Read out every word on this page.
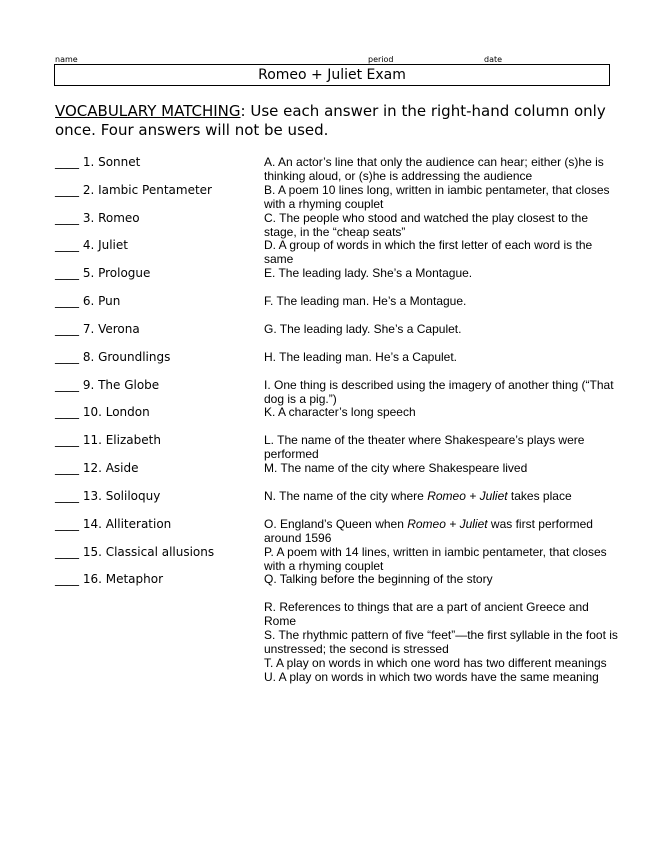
name	period	date
Romeo + Juliet Exam
VOCABULARY MATCHING: Use each answer in the right-hand column only once. Four answers will not be used.
____ 1. Sonnet
____ 2. Iambic Pentameter
____ 3. Romeo
____ 4. Juliet
____ 5. Prologue
____ 6. Pun
____ 7. Verona
____ 8. Groundlings
____ 9. The Globe
____ 10. London
____ 11. Elizabeth
____ 12. Aside
____ 13. Soliloquy
____ 14. Alliteration
____ 15. Classical allusions
____ 16. Metaphor
A. An actor’s line that only the audience can hear; either (s)he is thinking aloud, or (s)he is addressing the audience
B. A poem 10 lines long, written in iambic pentameter, that closes with a rhyming couplet
C. The people who stood and watched the play closest to the stage, in the “cheap seats”
D. A group of words in which the first letter of each word is the same
E. The leading lady. She’s a Montague.
F. The leading man. He’s a Montague.
G. The leading lady. She’s a Capulet.
H. The leading man. He’s a Capulet.
I. One thing is described using the imagery of another thing (“That dog is a pig.”)
K. A character’s long speech
L. The name of the theater where Shakespeare’s plays were performed
M. The name of the city where Shakespeare lived
N. The name of the city where Romeo + Juliet takes place
O. England’s Queen when Romeo + Juliet was first performed around 1596
P. A poem with 14 lines, written in iambic pentameter, that closes with a rhyming couplet
Q. Talking before the beginning of the story
R. References to things that are a part of ancient Greece and Rome
S. The rhythmic pattern of five “feet”—the first syllable in the foot is unstressed; the second is stressed
T. A play on words in which one word has two different meanings
U. A play on words in which two words have the same meaning
